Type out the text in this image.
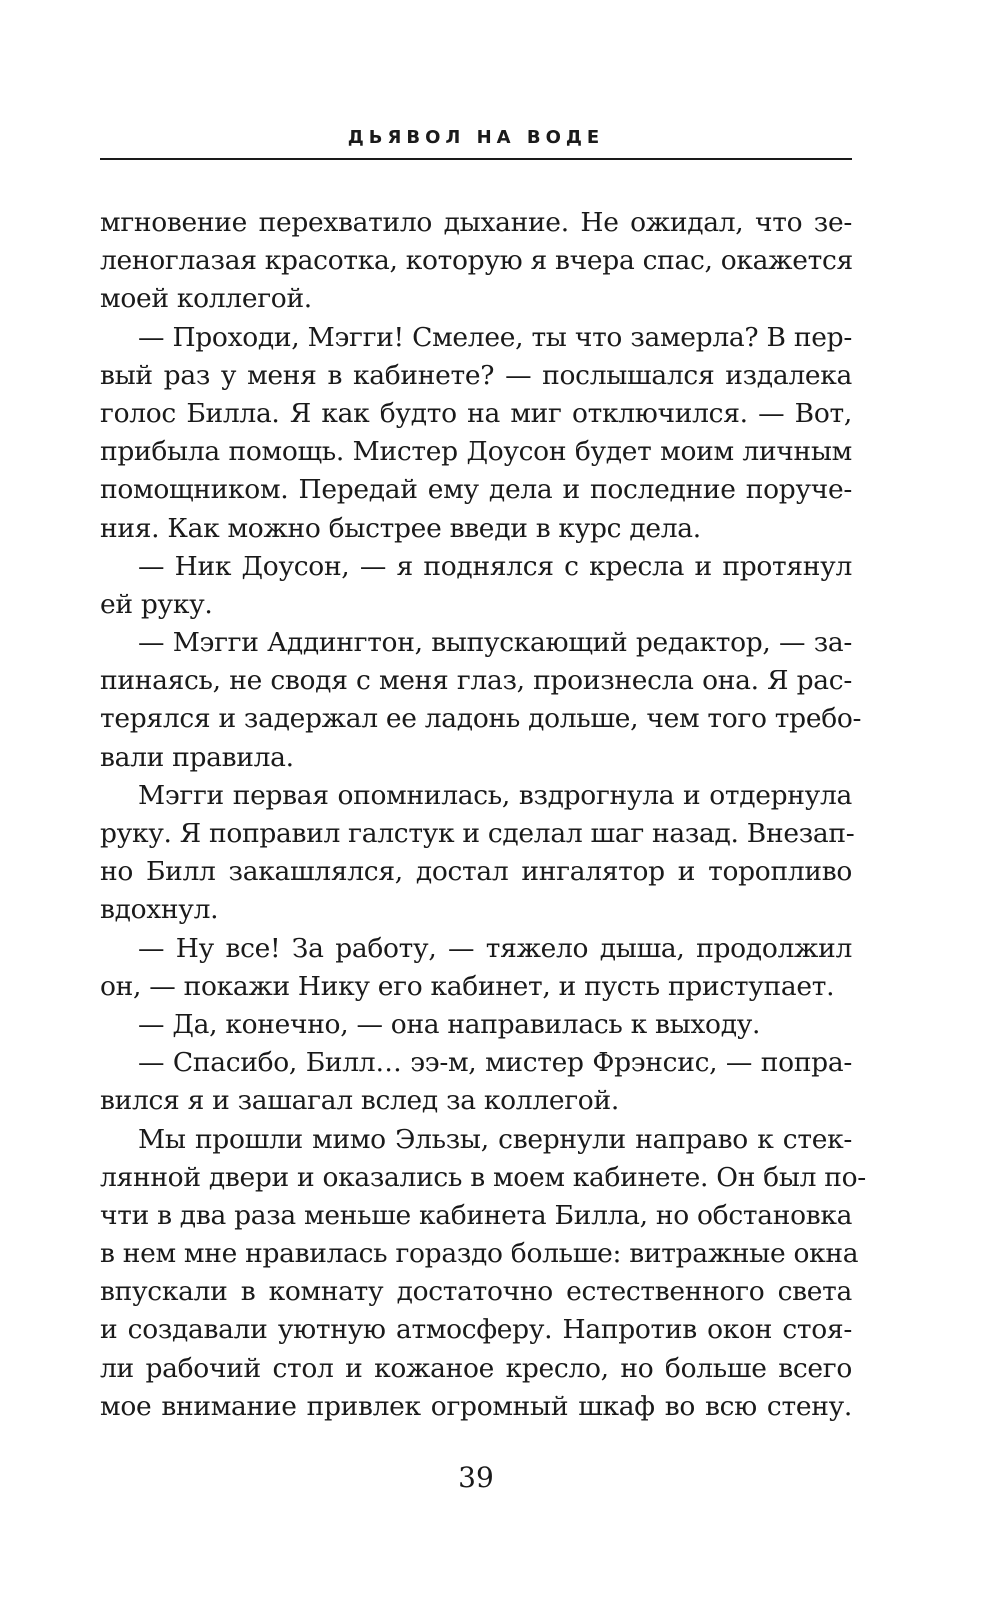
ДЬЯВОЛ НА ВОДЕ
мгновение перехватило дыхание. Не ожидал, что зе-
ленoглазая красотка, которую я вчера спас, окажется
моей коллегой.
— Проходи, Мэгги! Смелее, ты что замерла? В пер-
вый раз у меня в кабинете? — послышался издалека
голос Билла. Я как будто на миг отключился. — Вот,
прибыла помощь. Мистер Доусон будет моим личным
помощником. Передай ему дела и последние поруче-
ния. Как можно быстрее введи в курс дела.
— Ник Доусон, — я поднялся с кресла и протянул
ей руку.
— Мэгги Аддингтон, выпускающий редактор, — за-
пинаясь, не сводя с меня глаз, произнесла она. Я рас-
терялся и задержал ее ладонь дольше, чем того требо-
вали правила.
Мэгги первая опомнилась, вздрогнула и отдернула
руку. Я поправил галстук и сделал шаг назад. Внезап-
но Билл закашлялся, достал ингалятор и торопливо
вдохнул.
— Ну все! За работу, — тяжело дыша, продолжил
он, — покажи Нику его кабинет, и пусть приступает.
— Да, конечно, — она направилась к выходу.
— Спасибо, Билл… ээ-м, мистер Фрэнсис, — попра-
вился я и зашагал вслед за коллегой.
Мы прошли мимо Эльзы, свернули направо к стек-
лянной двери и оказались в моем кабинете. Он был по-
чти в два раза меньше кабинета Билла, но обстановка
в нем мне нравилась гораздо больше: витражные окна
впускали в комнату достаточно естественного света
и создавали уютную атмосферу. Напротив окон стоя-
ли рабочий стол и кожаное кресло, но больше всего
мое внимание привлек огромный шкаф во всю стену.
39
